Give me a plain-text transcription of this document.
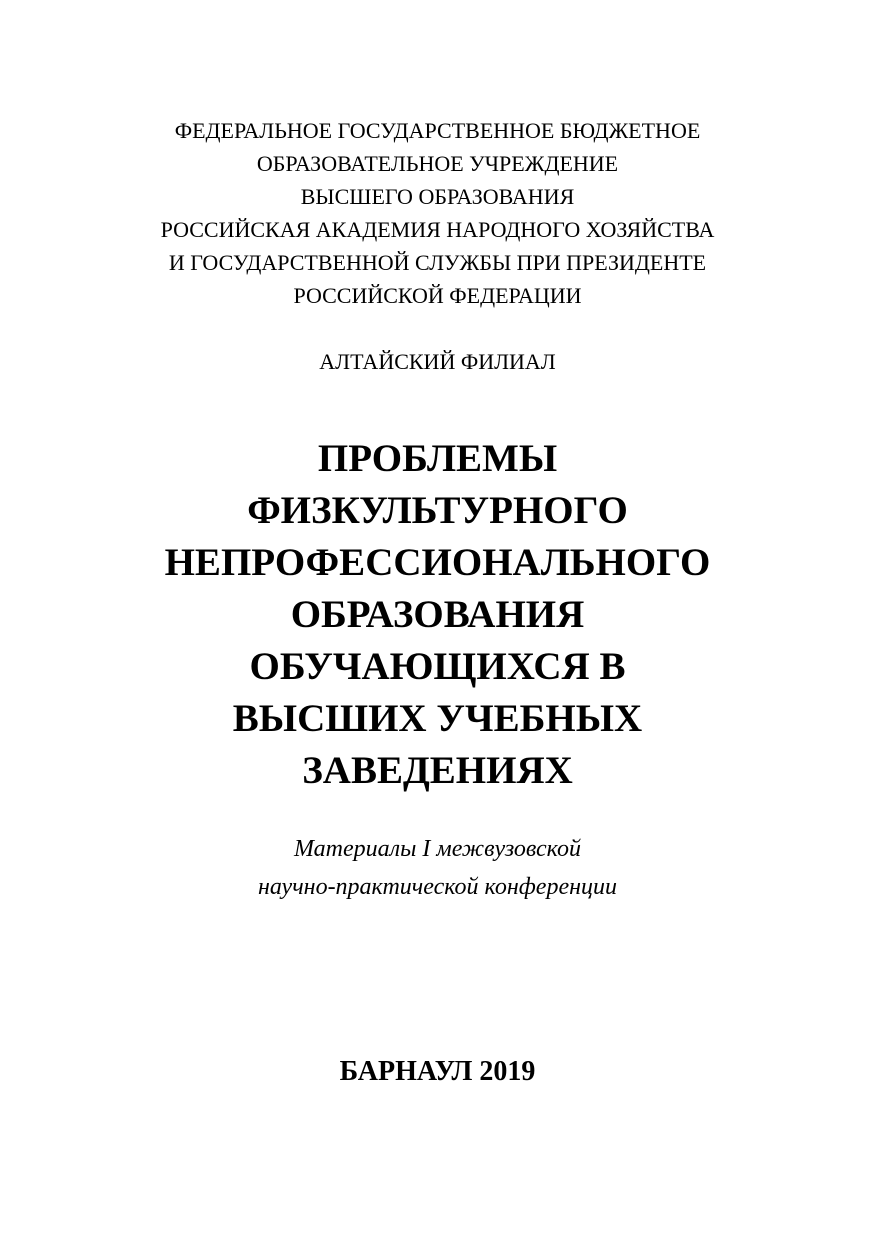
ФЕДЕРАЛЬНОЕ ГОСУДАРСТВЕННОЕ БЮДЖЕТНОЕ
ОБРАЗОВАТЕЛЬНОЕ УЧРЕЖДЕНИЕ
ВЫСШЕГО ОБРАЗОВАНИЯ
РОССИЙСКАЯ АКАДЕМИЯ НАРОДНОГО ХОЗЯЙСТВА
И ГОСУДАРСТВЕННОЙ СЛУЖБЫ ПРИ ПРЕЗИДЕНТЕ
РОССИЙСКОЙ ФЕДЕРАЦИИ
АЛТАЙСКИЙ ФИЛИАЛ
ПРОБЛЕМЫ
ФИЗКУЛЬТУРНОГО
НЕПРОФЕССИОНАЛЬНОГО
ОБРАЗОВАНИЯ
ОБУЧАЮЩИХСЯ В
ВЫСШИХ УЧЕБНЫХ
ЗАВЕДЕНИЯХ
Материалы I межвузовской
научно-практической конференции
БАРНАУЛ 2019
